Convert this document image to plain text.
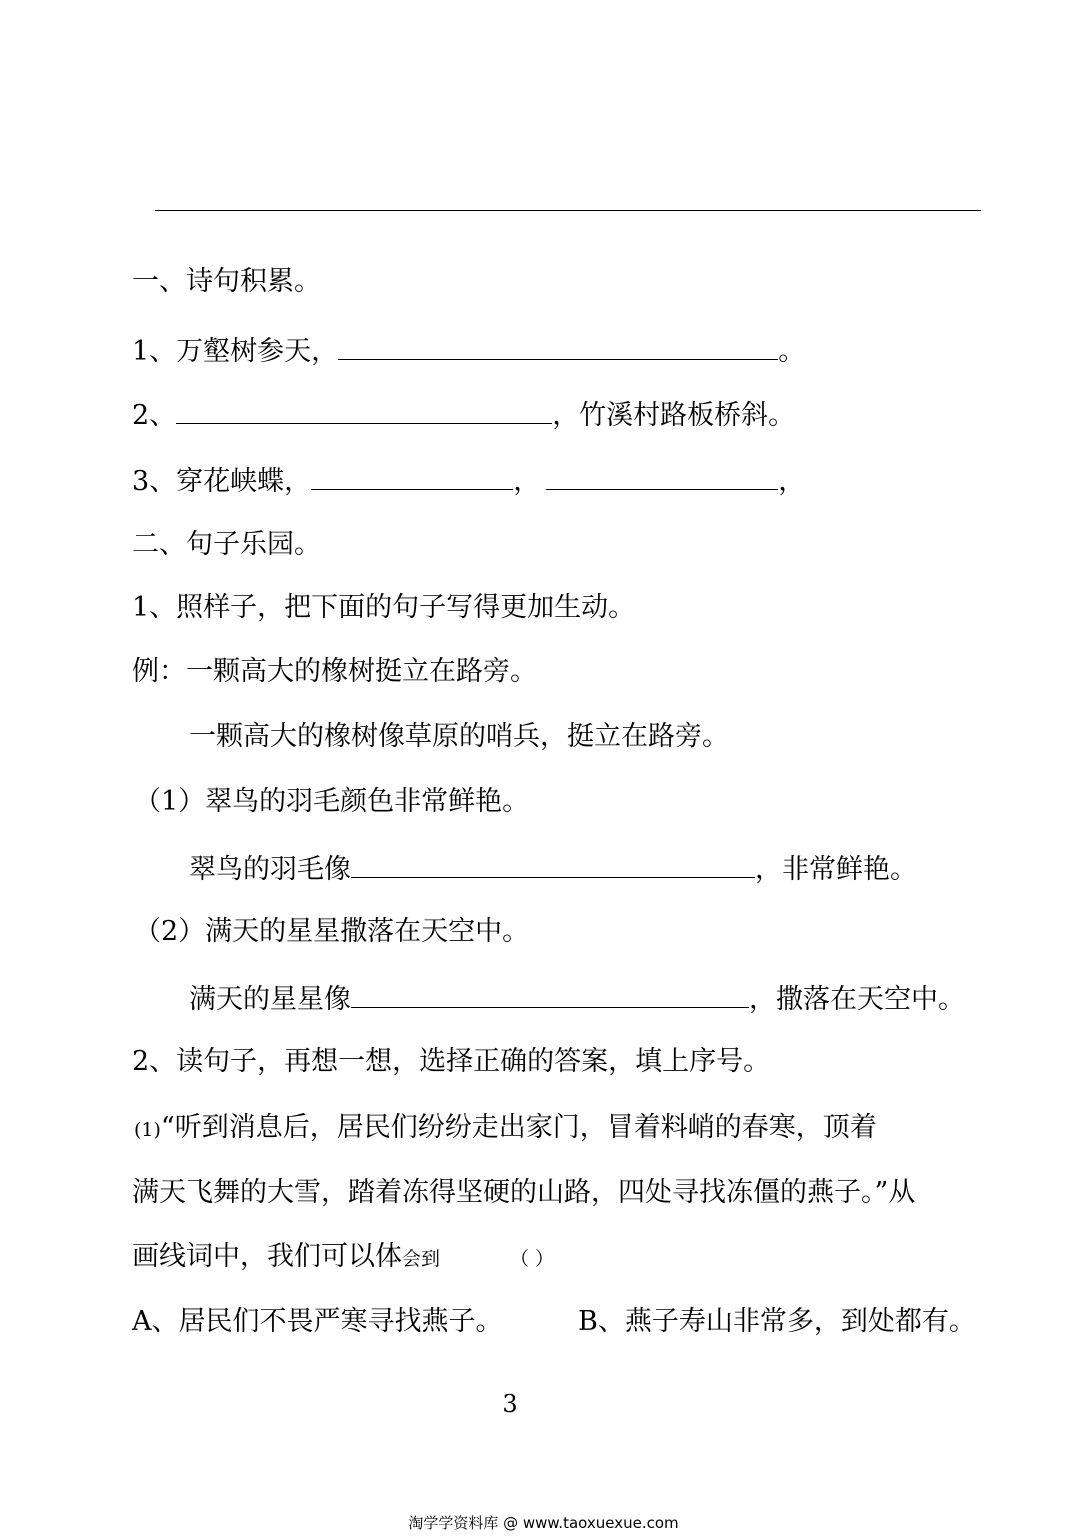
一、诗句积累。
1、万壑树参天，	。
2、	，竹溪村路板桥斜。
3、穿花峡蝶，	，	，
二、句子乐园。
1、照样子，把下面的句子写得更加生动。
例：一颗高大的橡树挺立在路旁。
一颗高大的橡树像草原的哨兵，挺立在路旁。
（1）翠鸟的羽毛颜色非常鲜艳。
翠鸟的羽毛像	，非常鲜艳。
（2）满天的星星撒落在天空中。
满天的星星像	，撒落在天空中。
2、读句子，再想一想，选择正确的答案，填上序号。
(1)“听到消息后，居民们纷纷走出家门，冒着料峭的春寒，顶着
满天飞舞的大雪，踏着冻得坚硬的山路，四处寻找冻僵的燕子。”从
画线词中，我们可以体会到	（ ）
A、居民们不畏严寒寻找燕子。	B、燕子寿山非常多，到处都有。
3
淘学学资料库 @ www.taoxuexue.com
